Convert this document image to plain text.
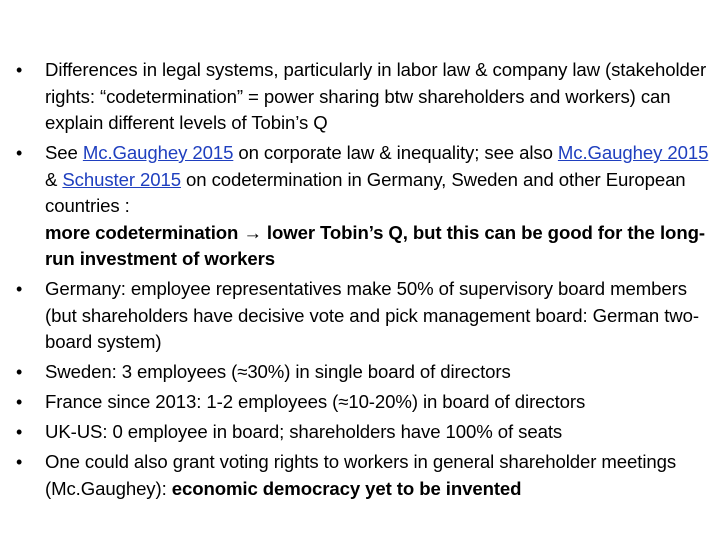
• Differences in legal systems, particularly in labor law & company law (stakeholder rights: “codetermination” = power sharing btw shareholders and workers) can explain different levels of Tobin’s Q
• See Mc.Gaughey 2015 on corporate law & inequality; see also Mc.Gaughey 2015 & Schuster 2015 on codetermination in Germany, Sweden and other European countries :
more codetermination → lower Tobin’s Q, but this can be good for the long-run investment of workers
• Germany: employee representatives make 50% of supervisory board members (but shareholders have decisive vote and pick management board: German two-board system)
• Sweden: 3 employees (≈30%) in single board of directors
• France since 2013: 1-2 employees (≈10-20%) in board of directors
• UK-US: 0 employee in board; shareholders have 100% of seats
• One could also grant voting rights to workers in general shareholder meetings (Mc.Gaughey): economic democracy yet to be invented
